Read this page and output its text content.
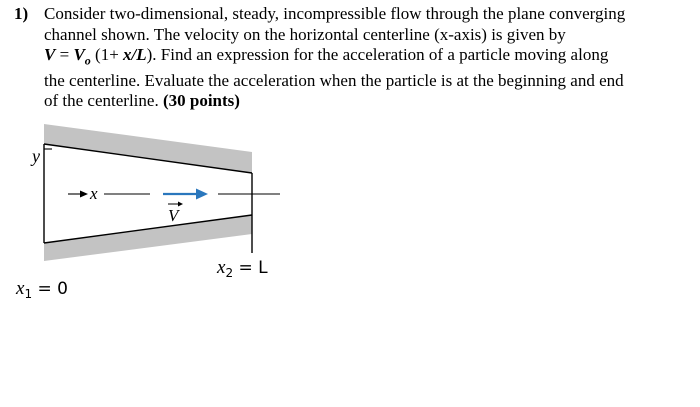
1) Consider two-dimensional, steady, incompressible flow through the plane converging
channel shown. The velocity on the horizontal centerline (x-axis) is given by
$V = V_o$ (1+ x/L). Find an expression for the acceleration of a particle moving along
the centerline. Evaluate the acceleration when the particle is at the beginning and end
of the centerline. (30 points)
y
x
V
$x_1 = 0$
$x_2 = L$
